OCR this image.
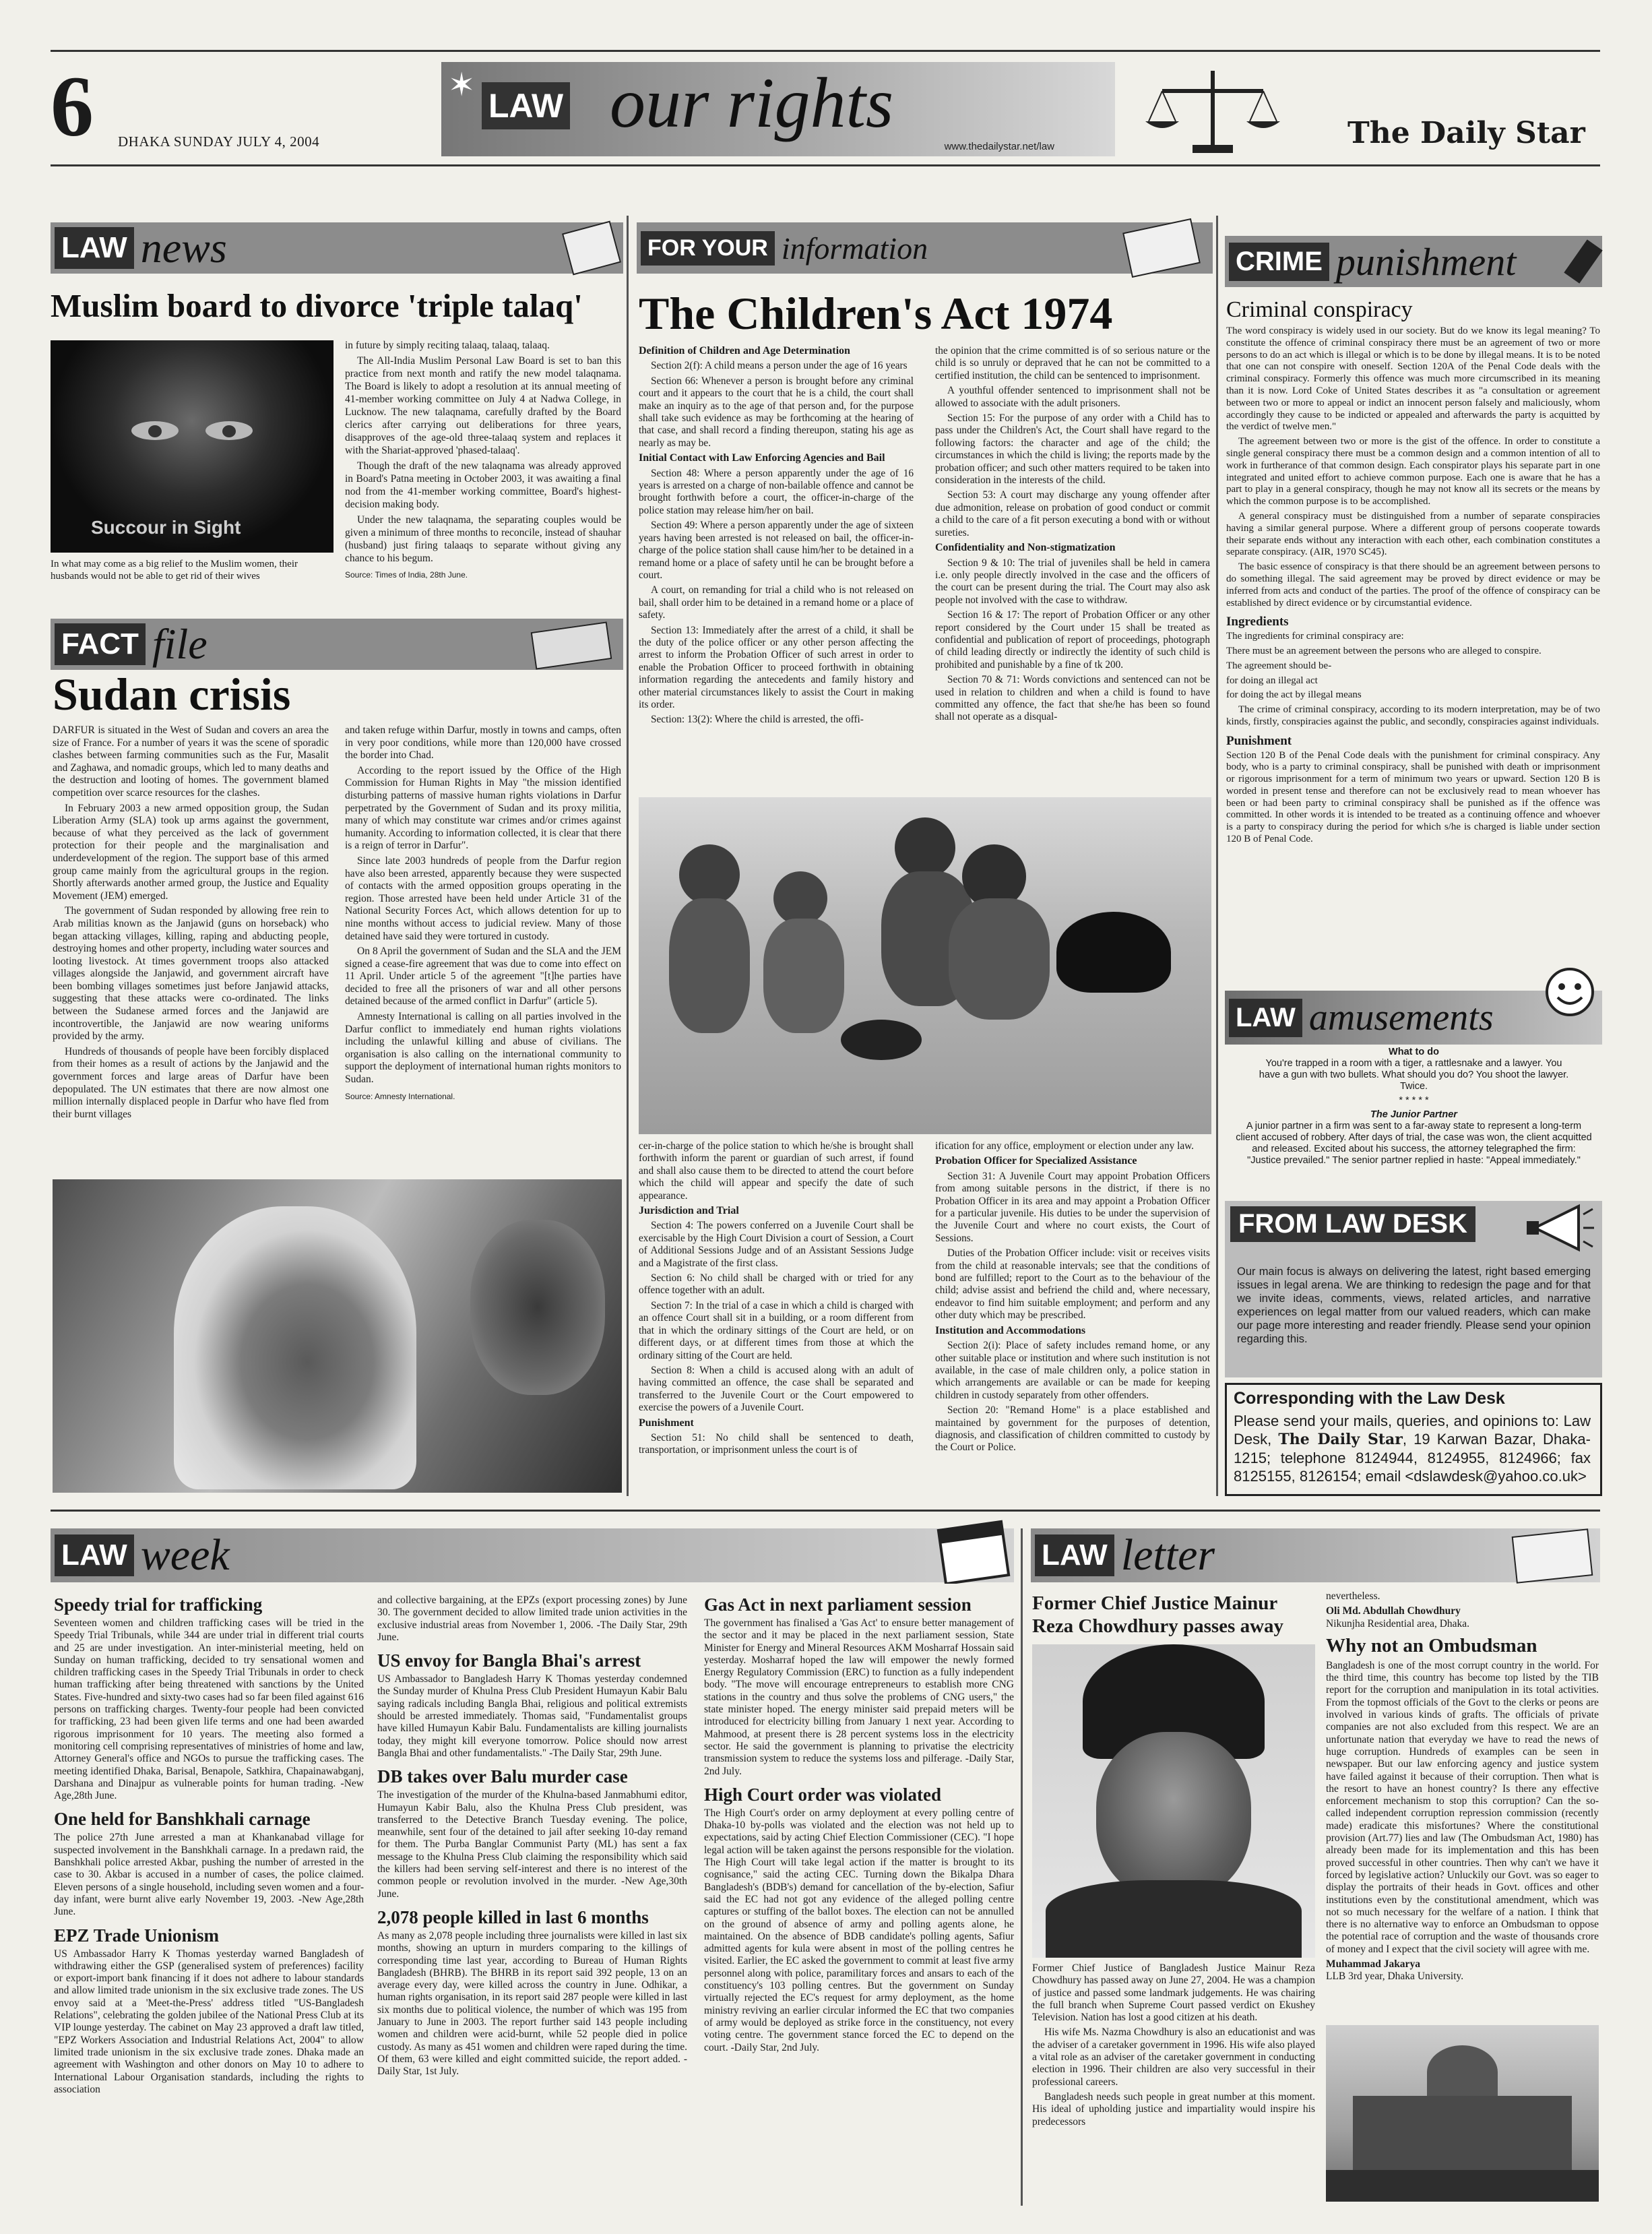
6 DHAKA SUNDAY JULY 4, 2004
✶
LAW our rights
www.thedailystar.net/law	The Daily Star
LAW news
Muslim board to divorce 'triple talaq'
Succour in Sight
In what may come as a big relief to the Muslim women, their husbands would not be able to get rid of their wives

in future by simply reciting talaaq, talaaq, talaaq.

The All-India Muslim Personal Law Board is set to ban this practice from next month and ratify the new model talaqnama. The Board is likely to adopt a resolution at its annual meeting of 41-member working committee on July 4 at Nadwa College, in Lucknow. The new talaqnama, carefully drafted by the Board clerics after carrying out deliberations for three years, disapproves of the age-old three-talaaq system and replaces it with the Shariat-approved 'phased-talaaq'.

Though the draft of the new talaqnama was already approved in Board's Patna meeting in October 2003, it was awaiting a final nod from the 41-member working committee, Board's highest-decision making body.

Under the new talaqnama, the separating couples would be given a minimum of three months to reconcile, instead of shauhar (husband) just firing talaaqs to separate without giving any chance to his begum.

Source: Times of India, 28th June.
FACT file
Sudan crisis

DARFUR is situated in the West of Sudan and covers an area the size of France. For a number of years it was the scene of sporadic clashes between farming communities such as the Fur, Masalit and Zaghawa, and nomadic groups, which led to many deaths and the destruction and looting of homes. The government blamed competition over scarce resources for the clashes.

In February 2003 a new armed opposition group, the Sudan Liberation Army (SLA) took up arms against the government, because of what they perceived as the lack of government protection for their people and the marginalisation and underdevelopment of the region. The support base of this armed group came mainly from the agricultural groups in the region. Shortly afterwards another armed group, the Justice and Equality Movement (JEM) emerged.

The government of Sudan responded by allowing free rein to Arab militias known as the Janjawid (guns on horseback) who began attacking villages, killing, raping and abducting people, destroying homes and other property, including water sources and looting livestock. At times government troops also attacked villages alongside the Janjawid, and government aircraft have been bombing villages sometimes just before Janjawid attacks, suggesting that these attacks were co-ordinated. The links between the Sudanese armed forces and the Janjawid are incontrovertible, the Janjawid are now wearing uniforms provided by the army.

Hundreds of thousands of people have been forcibly displaced from their homes as a result of actions by the Janjawid and the government forces and large areas of Darfur have been depopulated. The UN estimates that there are now almost one million internally displaced people in Darfur who have fled from their burnt villages

and taken refuge within Darfur, mostly in towns and camps, often in very poor conditions, while more than 120,000 have crossed the border into Chad.

According to the report issued by the Office of the High Commission for Human Rights in May "the mission identified disturbing patterns of massive human rights violations in Darfur perpetrated by the Government of Sudan and its proxy militia, many of which may constitute war crimes and/or crimes against humanity. According to information collected, it is clear that there is a reign of terror in Darfur".

Since late 2003 hundreds of people from the Darfur region have also been arrested, apparently because they were suspected of contacts with the armed opposition groups operating in the region. Those arrested have been held under Article 31 of the National Security Forces Act, which allows detention for up to nine months without access to judicial review. Many of those detained have said they were tortured in custody.

On 8 April the government of Sudan and the SLA and the JEM signed a cease-fire agreement that was due to come into effect on 11 April. Under article 5 of the agreement "[t]he parties have decided to free all the prisoners of war and all other persons detained because of the armed conflict in Darfur" (article 5).

Amnesty International is calling on all parties involved in the Darfur conflict to immediately end human rights violations including the unlawful killing and abuse of civilians. The organisation is also calling on the international community to support the deployment of international human rights monitors to Sudan.

Source: Amnesty International.
FOR YOUR information
The Children's Act 1974

Definition of Children and Age Determination

Section 2(f): A child means a person under the age of 16 years

Section 66: Whenever a person is brought before any criminal court and it appears to the court that he is a child, the court shall make an inquiry as to the age of that person and, for the purpose shall take such evidence as may be forthcoming at the hearing of that case, and shall record a finding thereupon, stating his age as nearly as may be.

Initial Contact with Law Enforcing Agencies and Bail

Section 48: Where a person apparently under the age of 16 years is arrested on a charge of non-bailable offence and cannot be brought forthwith before a court, the officer-in-charge of the police station may release him/her on bail.

Section 49: Where a person apparently under the age of sixteen years having been arrested is not released on bail, the officer-in-charge of the police station shall cause him/her to be detained in a remand home or a place of safety until he can be brought before a court.

A court, on remanding for trial a child who is not released on bail, shall order him to be detained in a remand home or a place of safety.

Section 13: Immediately after the arrest of a child, it shall be the duty of the police officer or any other person affecting the arrest to inform the Probation Officer of such arrest in order to enable the Probation Officer to proceed forthwith in obtaining information regarding the antecedents and family history and other material circumstances likely to assist the Court in making its order.

Section: 13(2): Where the child is arrested, the offi-

the opinion that the crime committed is of so serious nature or the child is so unruly or depraved that he can not be committed to a certified institution, the child can be sentenced to imprisonment.

A youthful offender sentenced to imprisonment shall not be allowed to associate with the adult prisoners.

Section 15: For the purpose of any order with a Child has to pass under the Children's Act, the Court shall have regard to the following factors: the character and age of the child; the circumstances in which the child is living; the reports made by the probation officer; and such other matters required to be taken into consideration in the interests of the child.

Section 53: A court may discharge any young offender after due admonition, release on probation of good conduct or commit a child to the care of a fit person executing a bond with or without sureties.

Confidentiality and Non-stigmatization

Section 9 & 10: The trial of juveniles shall be held in camera i.e. only people directly involved in the case and the officers of the court can be present during the trial. The Court may also ask people not involved with the case to withdraw.

Section 16 & 17: The report of Probation Officer or any other report considered by the Court under 15 shall be treated as confidential and publication of report of proceedings, photograph of child leading directly or indirectly the identity of such child is prohibited and punishable by a fine of tk 200.

Section 70 & 71: Words convictions and sentenced can not be used in relation to children and when a child is found to have committed any offence, the fact that she/he has been so found shall not operate as a disqual-

cer-in-charge of the police station to which he/she is brought shall forthwith inform the parent or guardian of such arrest, if found and shall also cause them to be directed to attend the court before which the child will appear and specify the date of such appearance.

Jurisdiction and Trial

Section 4: The powers conferred on a Juvenile Court shall be exercisable by the High Court Division a court of Session, a Court of Additional Sessions Judge and of an Assistant Sessions Judge and a Magistrate of the first class.

Section 6: No child shall be charged with or tried for any offence together with an adult.

Section 7: In the trial of a case in which a child is charged with an offence Court shall sit in a building, or a room different from that in which the ordinary sittings of the Court are held, or on different days, or at different times from those at which the ordinary sitting of the Court are held.

Section 8: When a child is accused along with an adult of having committed an offence, the case shall be separated and transferred to the Juvenile Court or the Court empowered to exercise the powers of a Juvenile Court.

Punishment

Section 51: No child shall be sentenced to death, transportation, or imprisonment unless the court is of

ification for any office, employment or election under any law.

Probation Officer for Specialized Assistance

Section 31: A Juvenile Court may appoint Probation Officers from among suitable persons in the district, if there is no Probation Officer in its area and may appoint a Probation Officer for a particular juvenile. His duties to be under the supervision of the Juvenile Court and where no court exists, the Court of Sessions.

Duties of the Probation Officer include: visit or receives visits from the child at reasonable intervals; see that the conditions of bond are fulfilled; report to the Court as to the behaviour of the child; advise assist and befriend the child and, where necessary, endeavor to find him suitable employment; and perform and any other duty which may be prescribed.

Institution and Accommodations

Section 2(i): Place of safety includes remand home, or any other suitable place or institution and where such institution is not available, in the case of male children only, a police station in which arrangements are available or can be made for keeping children in custody separately from other offenders.

Section 20: "Remand Home" is a place established and maintained by government for the purposes of detention, diagnosis, and classification of children committed to custody by the Court or Police.

CRIME punishment
Criminal conspiracy

The word conspiracy is widely used in our society. But do we know its legal meaning? To constitute the offence of criminal conspiracy there must be an agreement of two or more persons to do an act which is illegal or which is to be done by illegal means. It is to be noted that one can not conspire with oneself. Section 120A of the Penal Code deals with the criminal conspiracy. Formerly this offence was much more circumscribed in its meaning than it is now. Lord Coke of United States describes it as "a consultation or agreement between two or more to appeal or indict an innocent person falsely and maliciously, whom accordingly they cause to be indicted or appealed and afterwards the party is acquitted by the verdict of twelve men."

The agreement between two or more is the gist of the offence. In order to constitute a single general conspiracy there must be a common design and a common intention of all to work in furtherance of that common design. Each conspirator plays his separate part in one integrated and united effort to achieve common purpose. Each one is aware that he has a part to play in a general conspiracy, though he may not know all its secrets or the means by which the common purpose is to be accomplished.

A general conspiracy must be distinguished from a number of separate conspiracies having a similar general purpose. Where a different group of persons cooperate towards their separate ends without any interaction with each other, each combination constitutes a separate conspiracy. (AIR, 1970 SC45).

The basic essence of conspiracy is that there should be an agreement between persons to do something illegal. The said agreement may be proved by direct evidence or may be inferred from acts and conduct of the parties. The proof of the offence of conspiracy can be established by direct evidence or by circumstantial evidence.

Ingredients

The ingredients for criminal conspiracy are:

There must be an agreement between the persons who are alleged to conspire.

The agreement should be-

for doing an illegal act

for doing the act by illegal means

The crime of criminal conspiracy, according to its modern interpretation, may be of two kinds, firstly, conspiracies against the public, and secondly, conspiracies against individuals.

Punishment

Section 120 B of the Penal Code deals with the punishment for criminal conspiracy. Any body, who is a party to criminal conspiracy, shall be punished with death or imprisonment or rigorous imprisonment for a term of minimum two years or upward. Section 120 B is worded in present tense and therefore can not be exclusively read to mean whoever has been or had been party to criminal conspiracy shall be punished as if the offence was committed. In other words it is intended to be treated as a continuing offence and whoever is a party to conspiracy during the period for which s/he is charged is liable under section 120 B of Penal Code.

LAW amusements
What to do
You're trapped in a room with a tiger, a rattlesnake and a lawyer. You have a gun with two bullets. What should you do? You shoot the lawyer. Twice.
* * * * *
The Junior Partner
A junior partner in a firm was sent to a far-away state to represent a long-term client accused of robbery. After days of trial, the case was won, the client acquitted and released. Excited about his success, the attorney telegraphed the firm: "Justice prevailed." The senior partner replied in haste: "Appeal immediately."
FROM LAW DESK
Our main focus is always on delivering the latest, right based emerging issues in legal arena. We are thinking to redesign the page and for that we invite ideas, comments, views, related articles, and narrative experiences on legal matter from our valued readers, which can make our page more interesting and reader friendly. Please send your opinion regarding this.
Corresponding with the Law Desk
Please send your mails, queries, and opinions to: Law Desk, The Daily Star, 19 Karwan Bazar, Dhaka-1215; telephone 8124944, 8124955, 8124966; fax 8125155, 8126154; email <dslawdesk@yahoo.co.uk>
LAW week
Speedy trial for trafficking

Seventeen women and children trafficking cases will be tried in the Speedy Trial Tribunals, while 344 are under trial in different trial courts and 25 are under investigation. An inter-ministerial meeting, held on Sunday on human trafficking, decided to try sensational women and children trafficking cases in the Speedy Trial Tribunals in order to check human trafficking after being threatened with sanctions by the United States. Five-hundred and sixty-two cases had so far been filed against 616 persons on trafficking charges. Twenty-four people had been convicted for trafficking, 23 had been given life terms and one had been awarded rigorous imprisonment for 10 years. The meeting also formed a monitoring cell comprising representatives of ministries of home and law, Attorney General's office and NGOs to pursue the trafficking cases. The meeting identified Dhaka, Barisal, Benapole, Satkhira, Chapainawabganj, Darshana and Dinajpur as vulnerable points for human trading. -New Age,28th June.

One held for Banshkhali carnage

The police 27th June arrested a man at Khankanabad village for suspected involvement in the Banshkhali carnage. In a predawn raid, the Banshkhali police arrested Akbar, pushing the number of arrested in the case to 30. Akbar is accused in a number of cases, the police claimed. Eleven persons of a single household, including seven women and a four-day infant, were burnt alive early November 19, 2003. -New Age,28th June.

EPZ Trade Unionism

US Ambassador Harry K Thomas yesterday warned Bangladesh of withdrawing either the GSP (generalised system of preferences) facility or export-import bank financing if it does not adhere to labour standards and allow limited trade unionism in the six exclusive trade zones. The US envoy said at a 'Meet-the-Press' address titled "US-Bangladesh Relations", celebrating the golden jubilee of the National Press Club at its VIP lounge yesterday. The cabinet on May 23 approved a draft law titled, "EPZ Workers Association and Industrial Relations Act, 2004" to allow limited trade unionism in the six exclusive trade zones. Dhaka made an agreement with Washington and other donors on May 10 to adhere to International Labour Organisation standards, including the rights to association

and collective bargaining, at the EPZs (export processing zones) by June 30. The government decided to allow limited trade union activities in the exclusive industrial areas from November 1, 2006. -The Daily Star, 29th June.

US envoy for Bangla Bhai's arrest

US Ambassador to Bangladesh Harry K Thomas yesterday condemned the Sunday murder of Khulna Press Club President Humayun Kabir Balu saying radicals including Bangla Bhai, religious and political extremists should be arrested immediately. Thomas said, "Fundamentalist groups have killed Humayun Kabir Balu. Fundamentalists are killing journalists today, they might kill everyone tomorrow. Police should now arrest Bangla Bhai and other fundamentalists." -The Daily Star, 29th June.

DB takes over Balu murder case

The investigation of the murder of the Khulna-based Janmabhumi editor, Humayun Kabir Balu, also the Khulna Press Club president, was transferred to the Detective Branch Tuesday evening. The police, meanwhile, sent four of the detained to jail after seeking 10-day remand for them. The Purba Banglar Communist Party (ML) has sent a fax message to the Khulna Press Club claiming the responsibility which said the killers had been serving self-interest and there is no interest of the common people or revolution involved in the murder. -New Age,30th June.

2,078 people killed in last 6 months

As many as 2,078 people including three journalists were killed in last six months, showing an upturn in murders comparing to the killings of corresponding time last year, according to Bureau of Human Rights Bangladesh (BHRB). The BHRB in its report said 392 people, 13 on an average every day, were killed across the country in June. Odhikar, a human rights organisation, in its report said 287 people were killed in last six months due to political violence, the number of which was 195 from January to June in 2003. The report further said 143 people including women and children were acid-burnt, while 52 people died in police custody. As many as 451 women and children were raped during the time. Of them, 63 were killed and eight committed suicide, the report added. -Daily Star, 1st July.

Gas Act in next parliament session

The government has finalised a 'Gas Act' to ensure better management of the sector and it may be placed in the next parliament session, State Minister for Energy and Mineral Resources AKM Mosharraf Hossain said yesterday. Mosharraf hoped the law will empower the newly formed Energy Regulatory Commission (ERC) to function as a fully independent body. "The move will encourage entrepreneurs to establish more CNG stations in the country and thus solve the problems of CNG users," the state minister hoped. The energy minister said prepaid meters will be introduced for electricity billing from January 1 next year. According to Mahmood, at present there is 28 percent systems loss in the electricity sector. He said the government is planning to privatise the electricity transmission system to reduce the systems loss and pilferage. -Daily Star, 2nd July.

High Court order was violated

The High Court's order on army deployment at every polling centre of Dhaka-10 by-polls was violated and the election was not held up to expectations, said by acting Chief Election Commissioner (CEC). "I hope legal action will be taken against the persons responsible for the violation. The High Court will take legal action if the matter is brought to its cognisance," said the acting CEC. Turning down the Bikalpa Dhara Bangladesh's (BDB's) demand for cancellation of the by-election, Safiur said the EC had not got any evidence of the alleged polling centre captures or stuffing of the ballot boxes. The election can not be annulled on the ground of absence of army and polling agents alone, he maintained. On the absence of BDB candidate's polling agents, Safiur admitted agents for kula were absent in most of the polling centres he visited. Earlier, the EC asked the government to commit at least five army personnel along with police, paramilitary forces and ansars to each of the constituency's 103 polling centres. But the government on Sunday virtually rejected the EC's request for army deployment, as the home ministry reviving an earlier circular informed the EC that two companies of army would be deployed as strike force in the constituency, not every voting centre. The government stance forced the EC to depend on the court. -Daily Star, 2nd July.

LAW letter
Former Chief Justice Mainur Reza Chowdhury passes away

Former Chief Justice of Bangladesh Justice Mainur Reza Chowdhury has passed away on June 27, 2004. He was a champion of justice and passed some landmark judgements. He was chairing the full branch when Supreme Court passed verdict on Ekushey Television. Nation has lost a good citizen at his death.

His wife Ms. Nazma Chowdhury is also an educationist and was the adviser of a caretaker government in 1996. His wife also played a vital role as an adviser of the caretaker government in conducting election in 1996. Their children are also very successful in their professional careers.

Bangladesh needs such people in great number at this moment. His ideal of upholding justice and impartiality would inspire his predecessors

nevertheless.

Oli Md. Abdullah Chowdhury
Nikunjha Residential area, Dhaka.
Why not an Ombudsman

Bangladesh is one of the most corrupt country in the world. For the third time, this country has become top listed by the TIB report for the corruption and manipulation in its total activities. From the topmost officials of the Govt to the clerks or peons are involved in various kinds of grafts. The officials of private companies are not also excluded from this respect. We are an unfortunate nation that everyday we have to read the news of huge corruption. Hundreds of examples can be seen in newspaper. But our law enforcing agency and justice system have failed against it because of their corruption. Then what is the resort to have an honest country? Is there any effective enforcement mechanism to stop this corruption? Can the so-called independent corruption repression commission (recently made) eradicate this misfortunes? Where the constitutional provision (Art.77) lies and law (The Ombudsman Act, 1980) has already been made for its implementation and this has been proved successful in other countries. Then why can't we have it forced by legislative action? Unluckily our Govt. was so eager to display the portraits of their heads in Govt. offices and other institutions even by the constitutional amendment, which was not so much necessary for the welfare of a nation. I think that there is no alternative way to enforce an Ombudsman to oppose the potential race of corruption and the waste of thousands crore of money and I expect that the civil society will agree with me.

Muhammad Jakarya
LLB 3rd year, Dhaka University.
